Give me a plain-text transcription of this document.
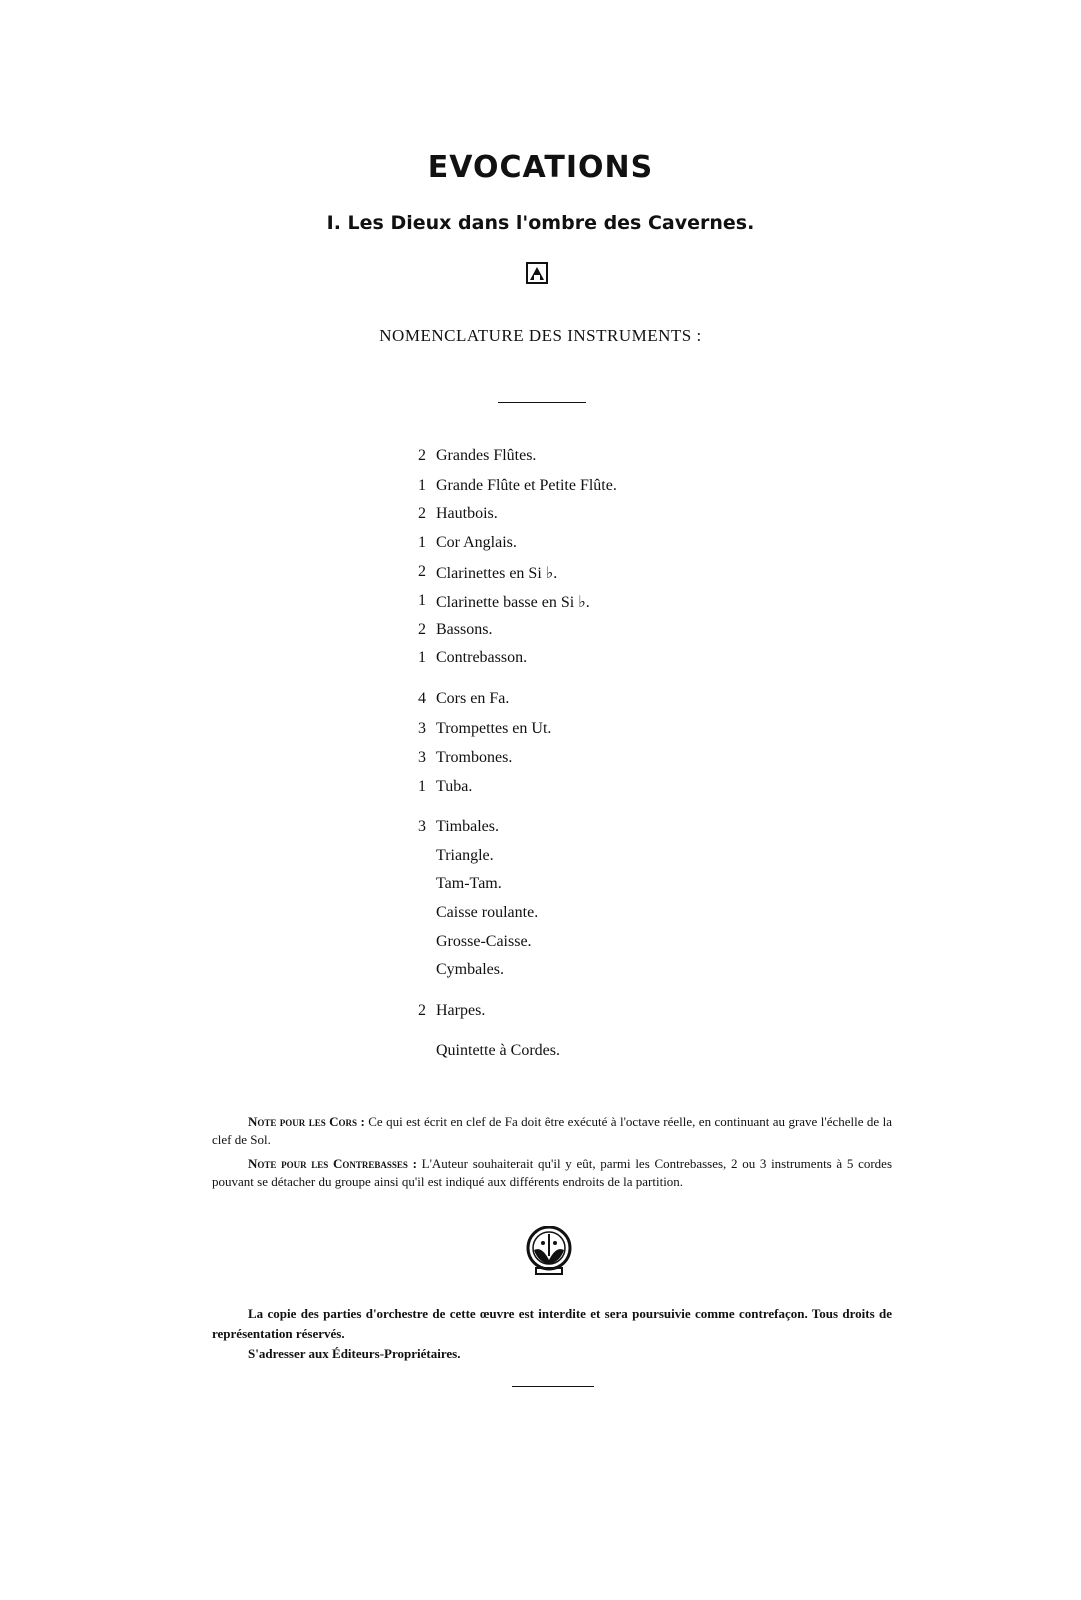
EVOCATIONS
I. Les Dieux dans l'ombre des Cavernes.
NOMENCLATURE DES INSTRUMENTS :
2 Grandes Flûtes.
1 Grande Flûte et Petite Flûte.
2 Hautbois.
1 Cor Anglais.
2 Clarinettes en Si ♭.
1 Clarinette basse en Si ♭.
2 Bassons.
1 Contrebasson.
4 Cors en Fa.
3 Trompettes en Ut.
3 Trombones.
1 Tuba.
3 Timbales.
Triangle.
Tam-Tam.
Caisse roulante.
Grosse-Caisse.
Cymbales.
2 Harpes.
Quintette à Cordes.
Note pour les Cors : Ce qui est écrit en clef de Fa doit être exécuté à l'octave réelle, en continuant au grave l'échelle de la clef de Sol.
Note pour les Contrebasses : L'Auteur souhaiterait qu'il y eût, parmi les Contrebasses, 2 ou 3 instruments à 5 cordes pouvant se détacher du groupe ainsi qu'il est indiqué aux différents endroits de la partition.
La copie des parties d'orchestre de cette œuvre est interdite et sera poursuivie comme contrefaçon. Tous droits de représentation réservés.
S'adresser aux Éditeurs-Propriétaires.
